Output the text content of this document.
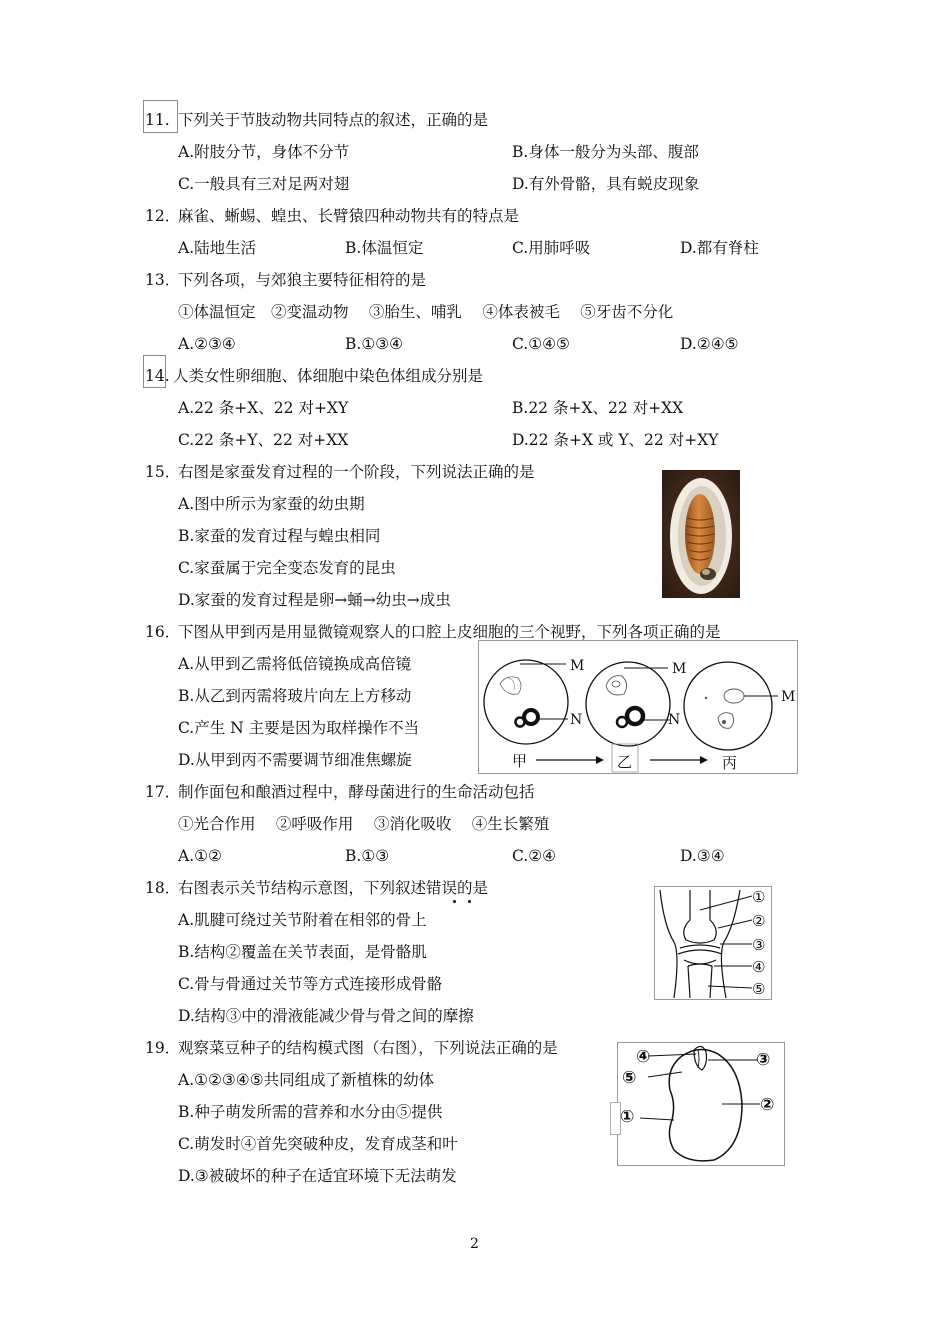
11. 下列关于节肢动物共同特点的叙述，正确的是
A.附肢分节，身体不分节	B.身体一般分为头部、腹部
C.一般具有三对足两对翅	D.有外骨骼，具有蜕皮现象
12．
麻雀、蜥蜴、蝗虫、长臂猿四种动物共有的特点是
A.陆地生活	B.体温恒定	C.用肺呼吸	D.都有脊柱
13．
下列各项，与郊狼主要特征相符的是
①体温恒定　②变温动物　 ③胎生、哺乳　 ④体表被毛　 ⑤牙齿不分化
A.②③④	B.①③④	C.①④⑤	D.②④⑤
14. 人类女性卵细胞、体细胞中染色体组成分别是
A.22 条+X、22 对+XY	B.22 条+X、22 对+XX
C.22 条+Y、22 对+XX	D.22 条+X 或 Y、22 对+XY
15．
右图是家蚕发育过程的一个阶段，下列说法正确的是
A.图中所示为家蚕的幼虫期
B.家蚕的发育过程与蝗虫相同
C.家蚕属于完全变态发育的昆虫
D.家蚕的发育过程是卵→蛹→幼虫→成虫
16．
下图从甲到丙是用显微镜观察人的口腔上皮细胞的三个视野，下列各项正确的是
A.从甲到乙需将低倍镜换成高倍镜
B.从乙到丙需将玻片向左上方移动
C.产生 N 主要是因为取样操作不当
D.从甲到丙不需要调节细准焦螺旋
M
N
M
N
M
甲	乙	丙
17．
制作面包和酿酒过程中，酵母菌进行的生命活动包括
①光合作用　 ②呼吸作用　 ③消化吸收　 ④生长繁殖
A.①②	B.①③	C.②④	D.③④
18．
右图表示关节结构示意图，下列叙述错误的是
A.肌腱可绕过关节附着在相邻的骨上
B.结构②覆盖在关节表面，是骨骼肌
C.骨与骨通过关节等方式连接形成骨骼
D.结构③中的滑液能减少骨与骨之间的摩擦
①
②
③
④
⑤
19．
观察菜豆种子的结构模式图（右图），下列说法正确的是
A.①②③④⑤共同组成了新植株的幼体
B.种子萌发所需的营养和水分由⑤提供
C.萌发时④首先突破种皮，发育成茎和叶
D.③被破坏的种子在适宜环境下无法萌发
④
⑤
③
②
①
2
